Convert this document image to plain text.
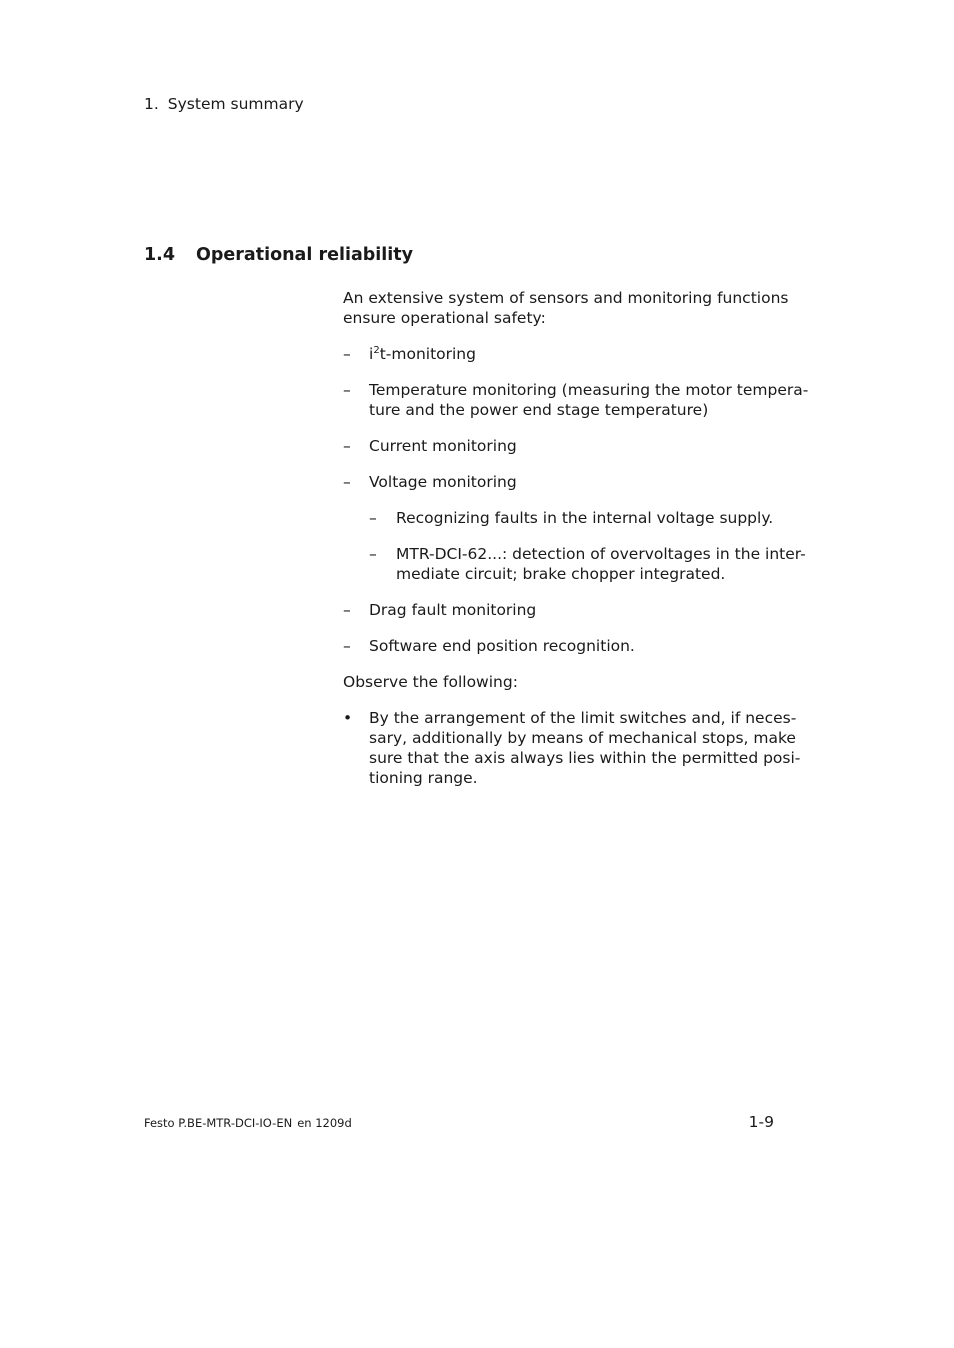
1. System summary
1.4 Operational reliability

An extensive system of sensors and monitoring functions
ensure operational safety:

– $i^2t$-monitoring
– Temperature monitoring (measuring the motor tempera-
ture and the power end stage temperature)
– Current monitoring
– Voltage monitoring
– Recognizing faults in the internal voltage supply.
– MTR-DCI-62...: detection of overvoltages in the inter-
mediate circuit; brake chopper integrated.
– Drag fault monitoring
– Software end position recognition.

Observe the following:

• By the arrangement of the limit switches and, if neces-
sary, additionally by means of mechanical stops, make
sure that the axis always lies within the permitted posi-
tioning range.
Festo P.BE-MTR-DCI-IO-EN en 1209d	1-9
